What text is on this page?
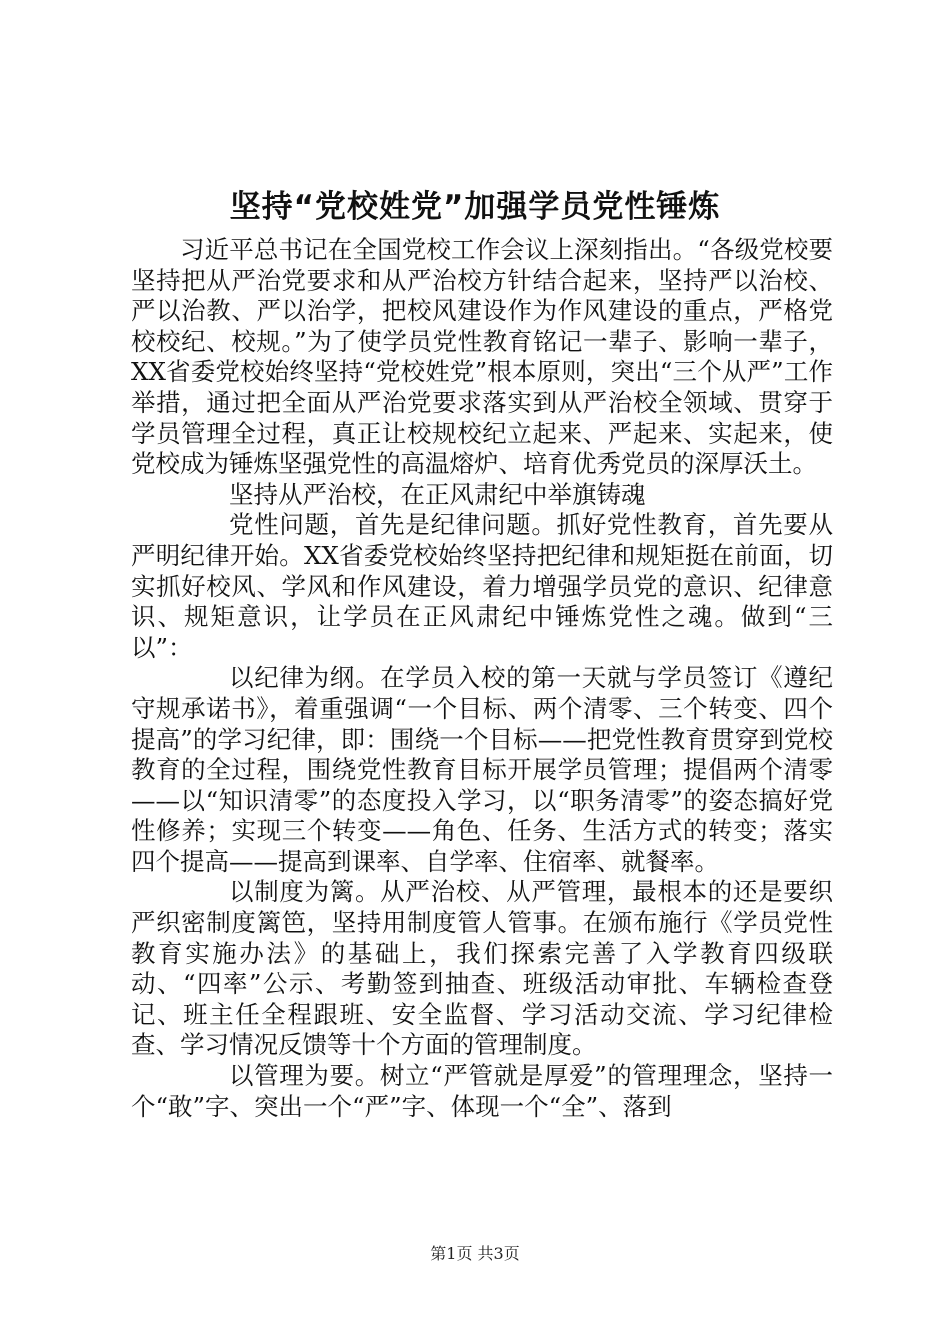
坚持“党校姓党”加强学员党性锤炼

习近平总书记在全国党校工作会议上深刻指出。“各级党校要坚持把从严治党要求和从严治校方针结合起来，坚持严以治校、严以治教、严以治学，把校风建设作为作风建设的重点，严格党校校纪、校规。”为了使学员党性教育铭记一辈子、影响一辈子，XX省委党校始终坚持“党校姓党”根本原则，突出“三个从严”工作举措，通过把全面从严治党要求落实到从严治校全领域、贯穿于学员管理全过程，真正让校规校纪立起来、严起来、实起来，使党校成为锤炼坚强党性的高温熔炉、培育优秀党员的深厚沃土。

坚持从严治校，在正风肃纪中举旗铸魂

党性问题，首先是纪律问题。抓好党性教育，首先要从严明纪律开始。XX省委党校始终坚持把纪律和规矩挺在前面，切实抓好校风、学风和作风建设，着力增强学员党的意识、纪律意识、规矩意识，让学员在正风肃纪中锤炼党性之魂。做到“三以”：

以纪律为纲。在学员入校的第一天就与学员签订《遵纪守规承诺书》，着重强调“一个目标、两个清零、三个转变、四个提高”的学习纪律，即：围绕一个目标——把党性教育贯穿到党校教育的全过程，围绕党性教育目标开展学员管理；提倡两个清零——以“知识清零”的态度投入学习，以“职务清零”的姿态搞好党性修养；实现三个转变——角色、任务、生活方式的转变；落实四个提高——提高到课率、自学率、住宿率、就餐率。

以制度为篱。从严治校、从严管理，最根本的还是要织严织密制度篱笆，坚持用制度管人管事。在颁布施行《学员党性教育实施办法》的基础上，我们探索完善了入学教育四级联动、“四率”公示、考勤签到抽查、班级活动审批、车辆检查登记、班主任全程跟班、安全监督、学习活动交流、学习纪律检查、学习情况反馈等十个方面的管理制度。

以管理为要。树立“严管就是厚爱”的管理理念，坚持一个“敢”字、突出一个“严”字、体现一个“全”、落到

第1页 共3页
